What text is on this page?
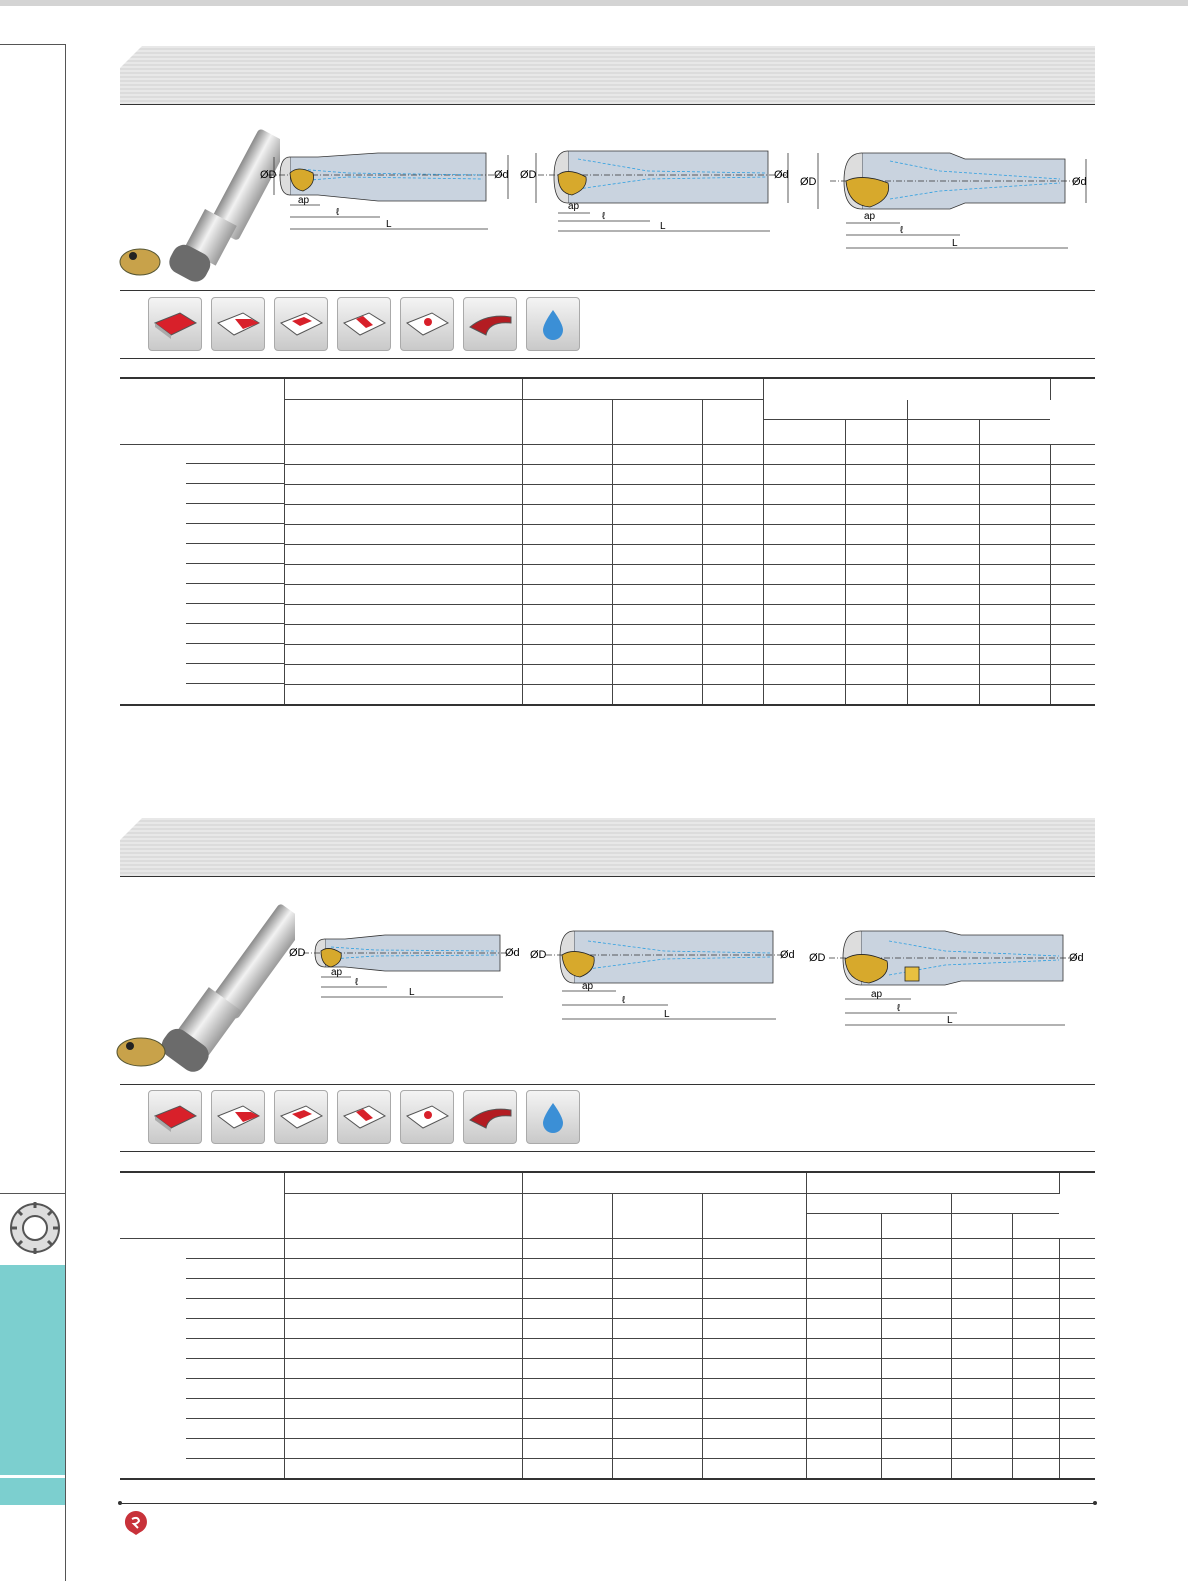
ØD	Ød
ap
ℓ
L
ØD	Ød
ap
ℓ
L
ØD	Ød
ap
ℓ
L

ØD	Ød
ap
ℓ
L
ØD	Ød
ap
ℓ
L
ØD	Ød
ap
ℓ
L
